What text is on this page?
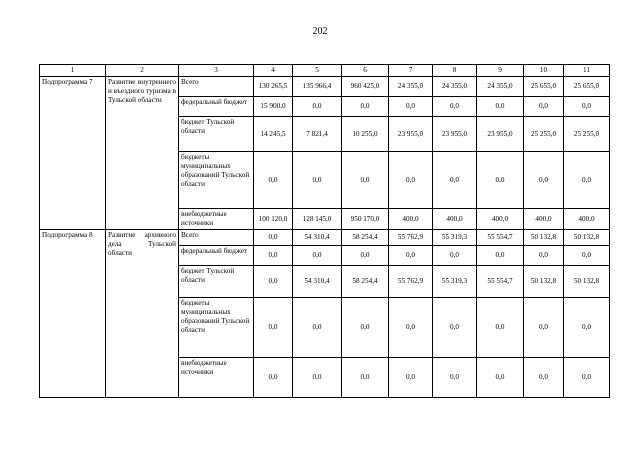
202
1	2	3	4	5	6	7	8	9	10	11
Подпрограмма 7	Развитие внутреннего и въездного туризма в Тульской области	Всего	130 265,5	135 966,4	960 425,0	24 355,0	24 355,0	24 355,0	25 655,0	25 655,0
		федеральный бюджет	15 900,0	0,0	0,0	0,0	0,0	0,0	0,0	0,0
		бюджет Тульской области	14 245,5	7 821,4	10 255,0	23 955,0	23 955,0	23 955,0	25 255,0	25 255,0
		бюджеты муниципальных образований Тульской области	0,0	0,0	0,0	0,0	0,0	0,0	0,0	0,0
		внебюджетные источники	100 120,0	128 145,0	950 170,0	400,0	400,0	400,0	400,0	400,0
Подпрограмма 8	Развитие архивного дела Тульской области	Всего	0,0	54 310,4	58 254,4	55 762,9	55 319,3	55 554,7	50 132,8	50 132,8
		федеральный бюджет	0,0	0,0	0,0	0,0	0,0	0,0	0,0	0,0
		бюджет Тульской области	0,0	54 310,4	58 254,4	55 762,9	55 319,3	55 554,7	50 132,8	50 132,8
		бюджеты муниципальных образований Тульской области	0,0	0,0	0,0	0,0	0,0	0,0	0,0	0,0
		внебюджетные источники	0,0	0,0	0,0	0,0	0,0	0,0	0,0	0,0
